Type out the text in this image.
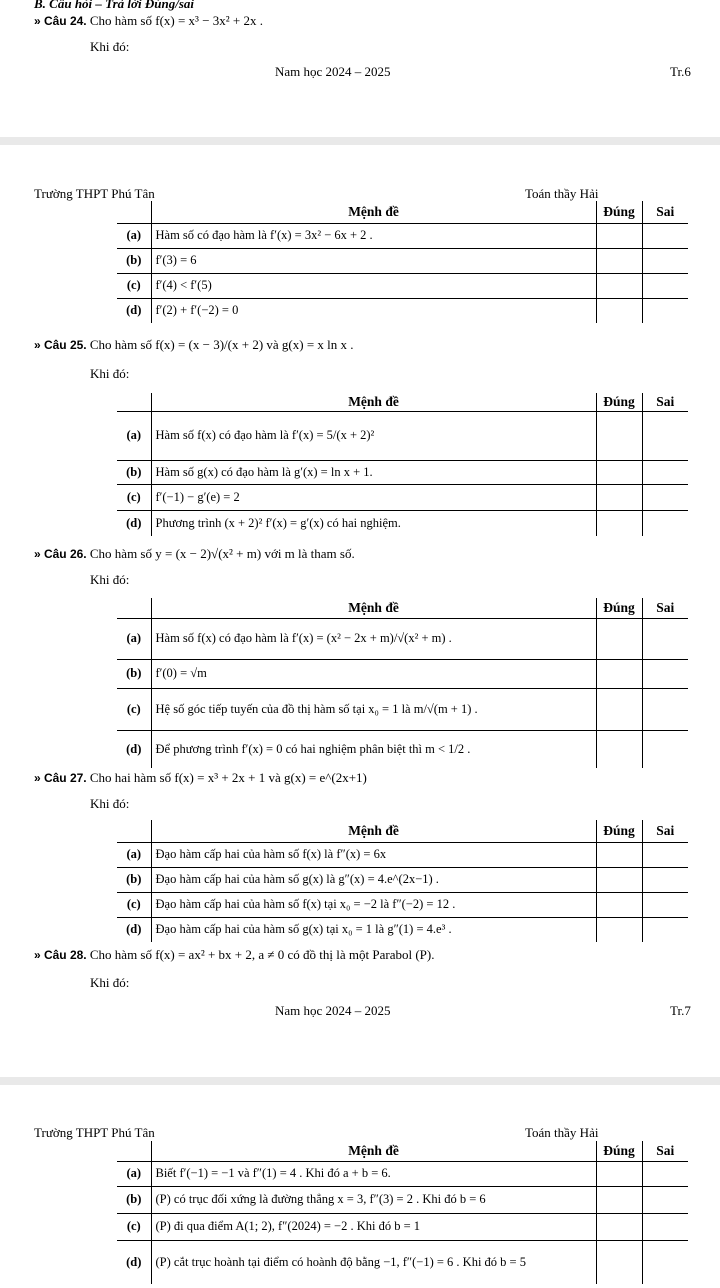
B. Câu hỏi – Trả lời Đúng/sai
» Câu 24. Cho hàm số f(x) = x³ − 3x² + 2x .
Khi đó:
Nam học 2024 – 2025	Tr.6
Trường THPT Phú Tân	Toán thầy Hải
	Mệnh đề	Đúng	Sai
(a)	Hàm số có đạo hàm là f′(x) = 3x² − 6x + 2 .		
(b)	f′(3) = 6		
(c)	f′(4) < f′(5)		
(d)	f′(2) + f′(−2) = 0		
» Câu 25. Cho hàm số f(x) = (x − 3)/(x + 2) và g(x) = x ln x .
Khi đó:
	Mệnh đề	Đúng	Sai
(a)	Hàm số f(x) có đạo hàm là f′(x) = 5/(x + 2)²		
(b)	Hàm số g(x) có đạo hàm là g′(x) = ln x + 1.		
(c)	f′(−1) − g′(e) = 2		
(d)	Phương trình (x + 2)² f′(x) = g′(x) có hai nghiệm.		
» Câu 26. Cho hàm số y = (x − 2)√(x² + m) với m là tham số.
Khi đó:
	Mệnh đề	Đúng	Sai
(a)	Hàm số f(x) có đạo hàm là f′(x) = (x² − 2x + m)/√(x² + m) .		
(b)	f′(0) = √m		
(c)	Hệ số góc tiếp tuyến của đồ thị hàm số tại x₀ = 1 là m/√(m + 1) .		
(d)	Để phương trình f′(x) = 0 có hai nghiệm phân biệt thì m < 1/2 .		
» Câu 27. Cho hai hàm số f(x) = x³ + 2x + 1 và g(x) = e^(2x+1)
Khi đó:
	Mệnh đề	Đúng	Sai
(a)	Đạo hàm cấp hai của hàm số f(x) là f″(x) = 6x		
(b)	Đạo hàm cấp hai của hàm số g(x) là g″(x) = 4.e^(2x−1) .		
(c)	Đạo hàm cấp hai của hàm số f(x) tại x₀ = −2 là f″(−2) = 12 .		
(d)	Đạo hàm cấp hai của hàm số g(x) tại x₀ = 1 là g″(1) = 4.e³ .		
» Câu 28. Cho hàm số f(x) = ax² + bx + 2, a ≠ 0 có đồ thị là một Parabol (P).
Khi đó:
Nam học 2024 – 2025	Tr.7
Trường THPT Phú Tân	Toán thầy Hải
	Mệnh đề	Đúng	Sai
(a)	Biết f′(−1) = −1 và f″(1) = 4 . Khi đó a + b = 6.		
(b)	(P) có trục đối xứng là đường thẳng x = 3, f″(3) = 2 . Khi đó b = 6		
(c)	(P) đi qua điểm A(1; 2), f″(2024) = −2 . Khi đó b = 1		
(d)	(P) cắt trục hoành tại điểm có hoành độ bằng −1, f″(−1) = 6 . Khi đó b = 5		
